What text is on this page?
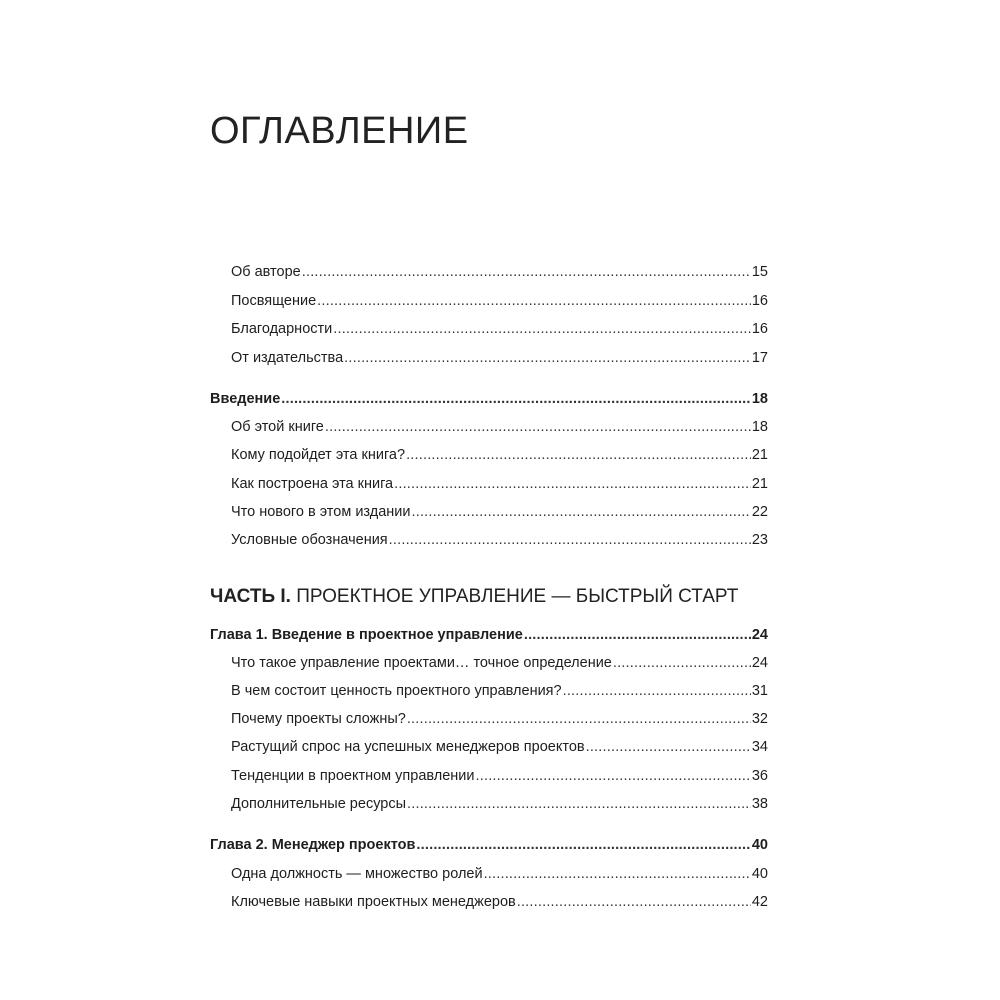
ОГЛАВЛЕНИЕ
Об авторе .....	15
Посвящение .....	16
Благодарности .....	16
От издательства .....	17
Введение .....	18
Об этой книге .....	18
Кому подойдет эта книга? .....	21
Как построена эта книга .....	21
Что нового в этом издании .....	22
Условные обозначения .....	23
ЧАСТЬ I. ПРОЕКТНОЕ УПРАВЛЕНИЕ — БЫСТРЫЙ СТАРТ
Глава 1. Введение в проектное управление .....	24
Что такое управление проектами… точное определение .....	24
В чем состоит ценность проектного управления? .....	31
Почему проекты сложны? .....	32
Растущий спрос на успешных менеджеров проектов .....	34
Тенденции в проектном управлении .....	36
Дополнительные ресурсы .....	38
Глава 2. Менеджер проектов .....	40
Одна должность — множество ролей .....	40
Ключевые навыки проектных менеджеров .....	42
